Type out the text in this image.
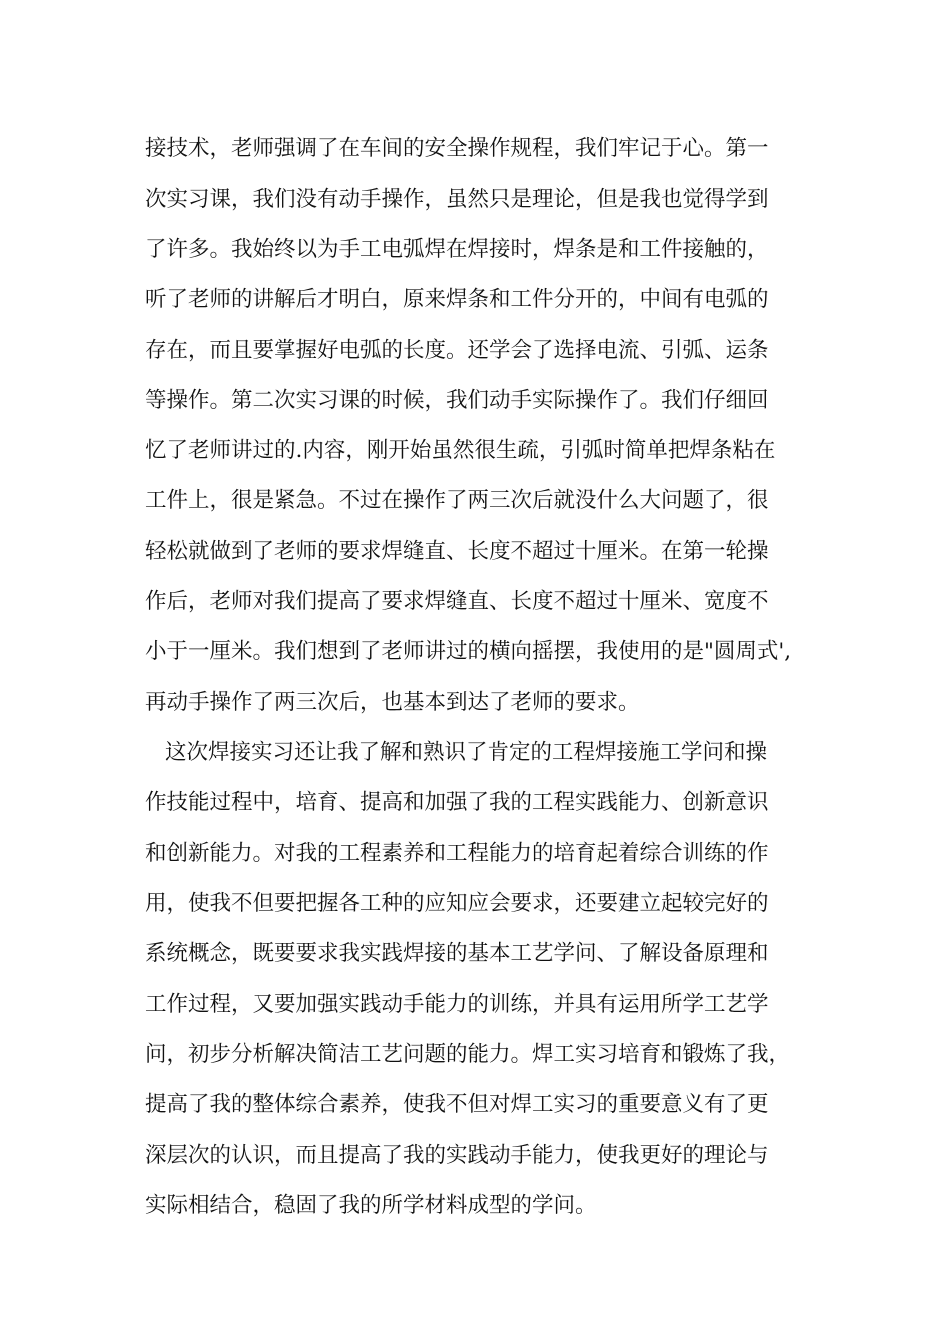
接技术，老师强调了在车间的安全操作规程，我们牢记于心。第一
次实习课，我们没有动手操作，虽然只是理论，但是我也觉得学到
了许多。我始终以为手工电弧焊在焊接时，焊条是和工件接触的，
听了老师的讲解后才明白，原来焊条和工件分开的，中间有电弧的
存在，而且要掌握好电弧的长度。还学会了选择电流、引弧、运条
等操作。第二次实习课的时候，我们动手实际操作了。我们仔细回
忆了老师讲过的.内容，刚开始虽然很生疏，引弧时简单把焊条粘在
工件上，很是紧急。不过在操作了两三次后就没什么大问题了，很
轻松就做到了老师的要求焊缝直、长度不超过十厘米。在第一轮操
作后，老师对我们提高了要求焊缝直、长度不超过十厘米、宽度不
小于一厘米。我们想到了老师讲过的横向摇摆，我使用的是"圆周式',
再动手操作了两三次后，也基本到达了老师的要求。
这次焊接实习还让我了解和熟识了肯定的工程焊接施工学问和操
作技能过程中，培育、提高和加强了我的工程实践能力、创新意识
和创新能力。对我的工程素养和工程能力的培育起着综合训练的作
用，使我不但要把握各工种的应知应会要求，还要建立起较完好的
系统概念，既要要求我实践焊接的基本工艺学问、了解设备原理和
工作过程，又要加强实践动手能力的训练，并具有运用所学工艺学
问，初步分析解决简洁工艺问题的能力。焊工实习培育和锻炼了我，
提高了我的整体综合素养，使我不但对焊工实习的重要意义有了更
深层次的认识，而且提高了我的实践动手能力，使我更好的理论与
实际相结合，稳固了我的所学材料成型的学问。
